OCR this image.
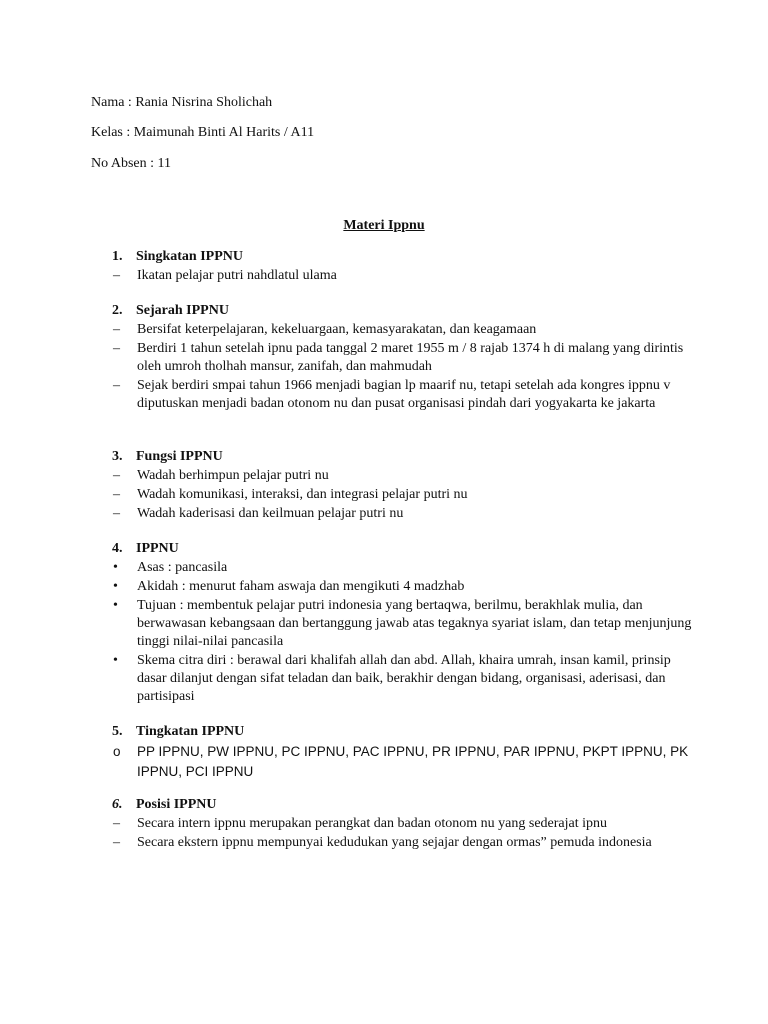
Nama : Rania Nisrina Sholichah
Kelas : Maimunah Binti Al Harits / A11
No Absen : 11
Materi Ippnu
1. Singkatan IPPNU
–	Ikatan pelajar putri nahdlatul ulama
2. Sejarah IPPNU
–	Bersifat keterpelajaran, kekeluargaan, kemasyarakatan, dan keagamaan
–	Berdiri 1 tahun setelah ipnu pada tanggal 2 maret 1955 m / 8 rajab 1374 h di malang yang dirintis oleh umroh tholhah mansur, zanifah, dan mahmudah
–	Sejak berdiri smpai tahun 1966 menjadi bagian lp maarif nu, tetapi setelah ada kongres ippnu v diputuskan menjadi badan otonom nu dan pusat organisasi pindah dari yogyakarta ke jakarta
3. Fungsi IPPNU
–	Wadah berhimpun pelajar putri nu
–	Wadah komunikasi, interaksi, dan integrasi pelajar putri nu
–	Wadah kaderisasi dan keilmuan pelajar putri nu
4. IPPNU
•	Asas : pancasila
•	Akidah : menurut faham aswaja dan mengikuti 4 madzhab
•	Tujuan : membentuk pelajar putri indonesia yang bertaqwa, berilmu, berakhlak mulia, dan berwawasan kebangsaan dan bertanggung jawab atas tegaknya syariat islam, dan tetap menjunjung tinggi nilai-nilai pancasila
•	Skema citra diri : berawal dari khalifah allah dan abd. Allah, khaira umrah, insan kamil, prinsip dasar dilanjut dengan sifat teladan dan baik, berakhir dengan bidang, organisasi, aderisasi, dan partisipasi
5. Tingkatan IPPNU
o	PP IPPNU, PW IPPNU, PC IPPNU, PAC IPPNU, PR IPPNU, PAR IPPNU, PKPT IPPNU, PK IPPNU, PCI IPPNU
6. Posisi IPPNU
–	Secara intern ippnu merupakan perangkat dan badan otonom nu yang sederajat ipnu
–	Secara ekstern ippnu mempunyai kedudukan yang sejajar dengan ormas” pemuda indonesia
